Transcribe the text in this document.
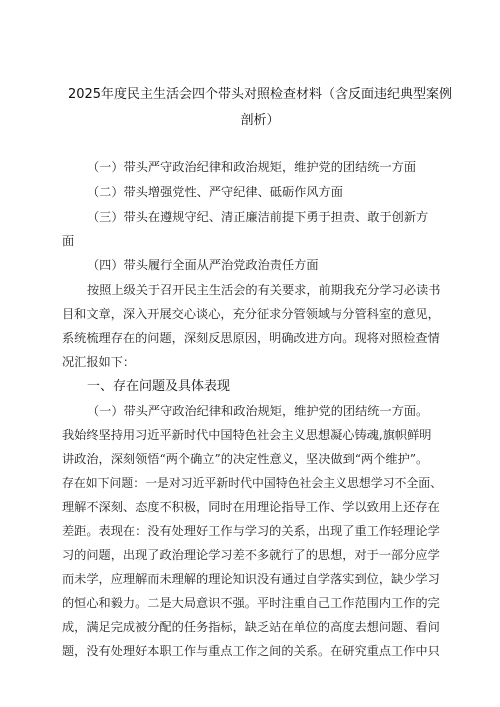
2025年度民主生活会四个带头对照检查材料（含反面违纪典型案例
剖析）
（一）带头严守政治纪律和政治规矩，维护党的团结统一方面
（二）带头增强党性、严守纪律、砥砺作风方面
（三）带头在遵规守纪、清正廉洁前提下勇于担责、敢于创新方
面
（四）带头履行全面从严治党政治责任方面
按照上级关于召开民主生活会的有关要求，前期我充分学习必读书
目和文章，深入开展交心谈心，充分征求分管领域与分管科室的意见，
系统梳理存在的问题，深刻反思原因，明确改进方向。现将对照检查情
况汇报如下：
一、存在问题及具体表现
（一）带头严守政治纪律和政治规矩，维护党的团结统一方面。
我始终坚持用习近平新时代中国特色社会主义思想凝心铸魂,旗帜鲜明
讲政治，深刻领悟“两个确立”的决定性意义，坚决做到“两个维护”。
存在如下问题：一是对习近平新时代中国特色社会主义思想学习不全面、
理解不深刻、态度不积极，同时在用理论指导工作、学以致用上还存在
差距。表现在：没有处理好工作与学习的关系，出现了重工作轻理论学
习的问题，出现了政治理论学习差不多就行了的思想，对于一部分应学
而未学，应理解而未理解的理论知识没有通过自学落实到位，缺少学习
的恒心和毅力。二是大局意识不强。平时注重自己工作范围内工作的完
成，满足完成被分配的任务指标，缺乏站在单位的高度去想问题、看问
题，没有处理好本职工作与重点工作之间的关系。在研究重点工作中只
